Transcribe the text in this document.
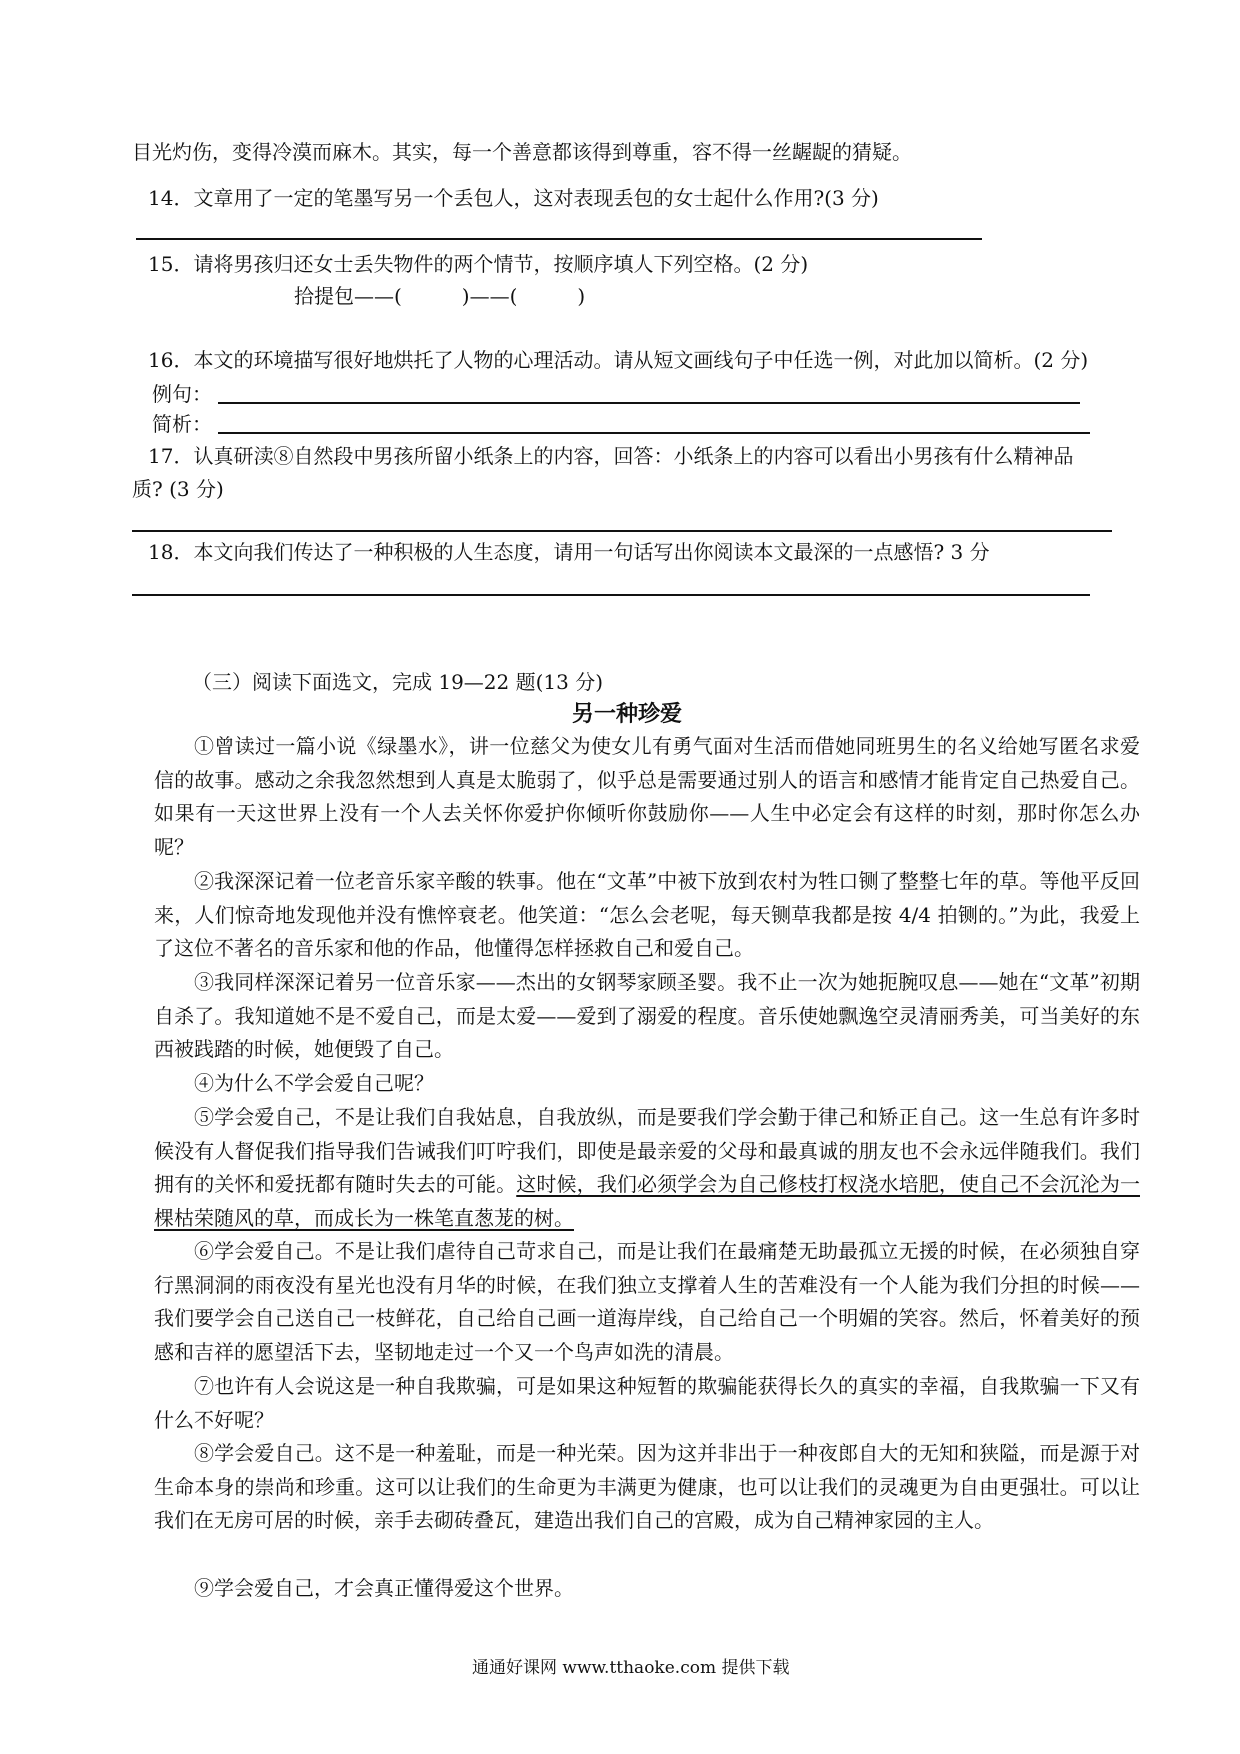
目光灼伤，变得冷漠而麻木。其实，每一个善意都该得到尊重，容不得一丝龌龊的猜疑。
14．文章用了一定的笔墨写另一个丢包人，这对表现丢包的女士起什么作用?(3 分)
15．请将男孩归还女士丢失物件的两个情节，按顺序填人下列空格。(2 分)
拾提包——(　　　)——(　　　)
16．本文的环境描写很好地烘托了人物的心理活动。请从短文画线句子中任选一例，对此加以简析。(2 分)
例句：
简析：
17．认真研渎⑧自然段中男孩所留小纸条上的内容，回答：小纸条上的内容可以看出小男孩有什么精神品
质? (3 分)
18．本文向我们传达了一种积极的人生态度，请用一句话写出你阅读本文最深的一点感悟? 3 分
（三）阅读下面选文，完成 19—22 题(13 分)
另一种珍爱
①曾读过一篇小说《绿墨水》，讲一位慈父为使女儿有勇气面对生活而借她同班男生的名义给她写匿名求爱信的故事。感动之余我忽然想到人真是太脆弱了，似乎总是需要通过别人的语言和感情才能肯定自己热爱自己。如果有一天这世界上没有一个人去关怀你爱护你倾听你鼓励你——人生中必定会有这样的时刻，那时你怎么办呢？
②我深深记着一位老音乐家辛酸的轶事。他在“文革”中被下放到农村为牲口铡了整整七年的草。等他平反回来，人们惊奇地发现他并没有憔悴衰老。他笑道：“怎么会老呢，每天铡草我都是按 4/4 拍铡的。”为此，我爱上了这位不著名的音乐家和他的作品，他懂得怎样拯救自己和爱自己。
③我同样深深记着另一位音乐家——杰出的女钢琴家顾圣婴。我不止一次为她扼腕叹息——她在“文革”初期自杀了。我知道她不是不爱自己，而是太爱——爱到了溺爱的程度。音乐使她飘逸空灵清丽秀美，可当美好的东西被践踏的时候，她便毁了自己。
④为什么不学会爱自己呢？
⑤学会爱自己，不是让我们自我姑息，自我放纵，而是要我们学会勤于律己和矫正自己。这一生总有许多时候没有人督促我们指导我们告诫我们叮咛我们，即使是最亲爱的父母和最真诚的朋友也不会永远伴随我们。我们拥有的关怀和爱抚都有随时失去的可能。这时候，我们必须学会为自己修枝打杈浇水培肥，使自己不会沉沦为一棵枯荣随风的草，而成长为一株笔直葱茏的树。
⑥学会爱自己。不是让我们虐待自己苛求自己，而是让我们在最痛楚无助最孤立无援的时候，在必须独自穿行黑洞洞的雨夜没有星光也没有月华的时候，在我们独立支撑着人生的苦难没有一个人能为我们分担的时候——我们要学会自己送自己一枝鲜花，自己给自己画一道海岸线，自己给自己一个明媚的笑容。然后，怀着美好的预感和吉祥的愿望活下去，坚韧地走过一个又一个鸟声如洗的清晨。
⑦也许有人会说这是一种自我欺骗，可是如果这种短暂的欺骗能获得长久的真实的幸福，自我欺骗一下又有什么不好呢？
⑧学会爱自己。这不是一种羞耻，而是一种光荣。因为这并非出于一种夜郎自大的无知和狭隘，而是源于对生命本身的崇尚和珍重。这可以让我们的生命更为丰满更为健康，也可以让我们的灵魂更为自由更强壮。可以让我们在无房可居的时候，亲手去砌砖叠瓦，建造出我们自己的宫殿，成为自己精神家园的主人。
⑨学会爱自己，才会真正懂得爱这个世界。
通通好课网 www.tthaoke.com 提供下载
